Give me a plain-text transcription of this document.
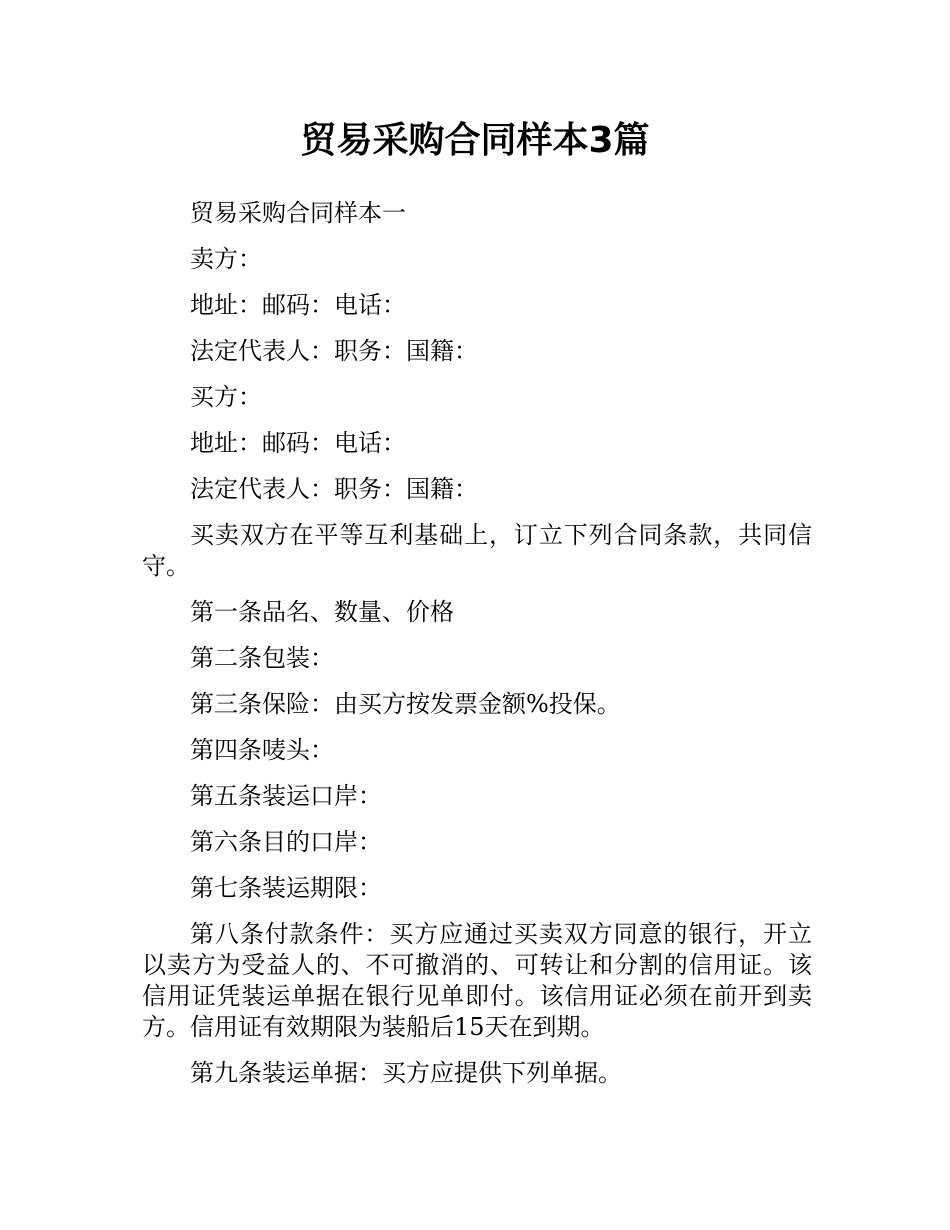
贸易采购合同样本3篇

贸易采购合同样本一

卖方：

地址：邮码：电话：

法定代表人：职务：国籍：

买方：

地址：邮码：电话：

法定代表人：职务：国籍：

买卖双方在平等互利基础上，订立下列合同条款，共同信守。

第一条品名、数量、价格

第二条包装：

第三条保险：由买方按发票金额%投保。

第四条唛头：

第五条装运口岸：

第六条目的口岸：

第七条装运期限：

第八条付款条件：买方应通过买卖双方同意的银行，开立以卖方为受益人的、不可撤消的、可转让和分割的信用证。该信用证凭装运单据在银行见单即付。该信用证必须在前开到卖方。信用证有效期限为装船后15天在到期。

第九条装运单据：买方应提供下列单据。
